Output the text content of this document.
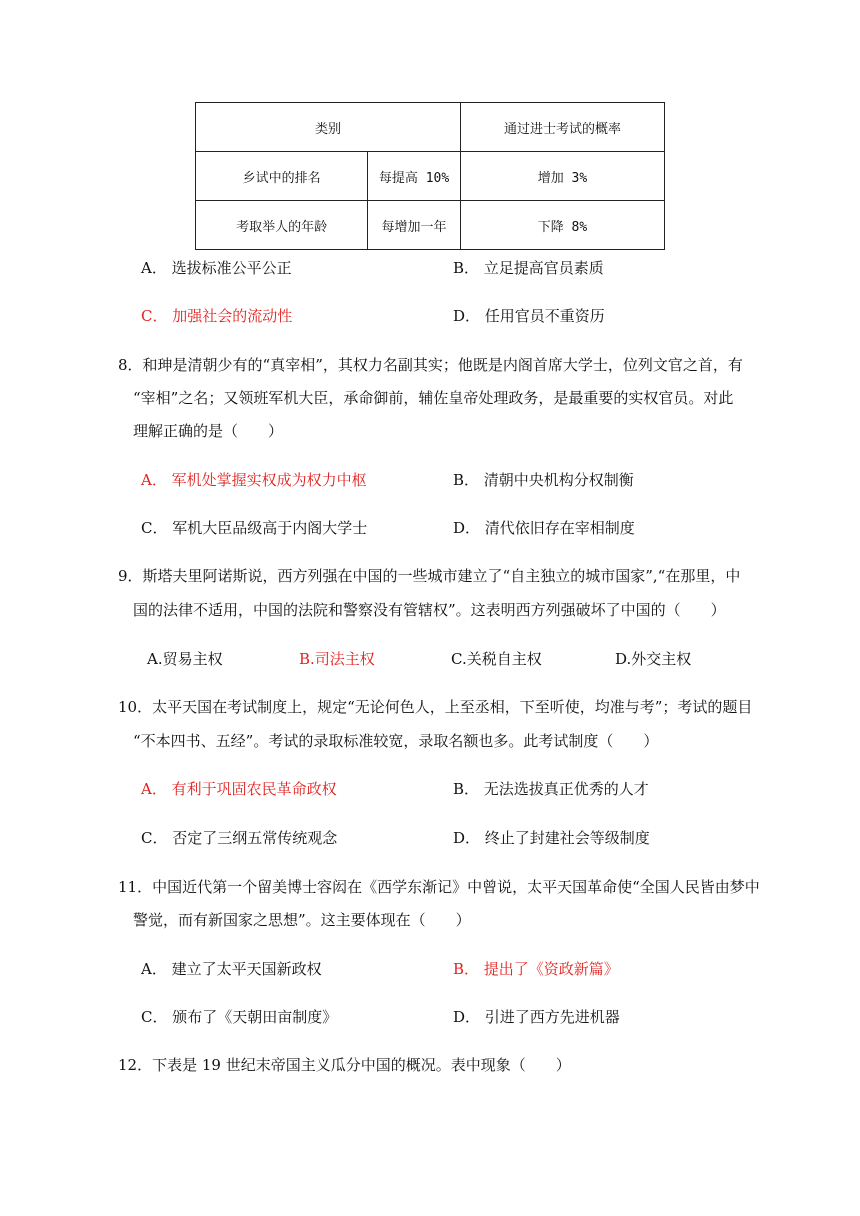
类别		通过进士考试的概率
乡试中的排名	每提高 10%	增加 3%
考取举人的年龄	每增加一年	下降 8%
A． 选拔标准公平公正	B． 立足提高官员素质
C． 加强社会的流动性	D． 任用官员不重资历
8．和珅是清朝少有的“真宰相”，其权力名副其实；他既是内阁首席大学士，位列文官之首，有
“宰相”之名；又领班军机大臣，承命御前，辅佐皇帝处理政务，是最重要的实权官员。对此
理解正确的是（　　）
A． 军机处掌握实权成为权力中枢	B． 清朝中央机构分权制衡
C． 军机大臣品级高于内阁大学士	D． 清代依旧存在宰相制度
9．斯塔夫里阿诺斯说，西方列强在中国的一些城市建立了“自主独立的城市国家”,“在那里，中
国的法律不适用，中国的法院和警察没有管辖权”。这表明西方列强破坏了中国的（　　）
A.贸易主权	B.司法主权	C.关税自主权	D.外交主权
10．太平天国在考试制度上，规定“无论何色人，上至丞相，下至听使，均准与考”；考试的题目
“不本四书、五经”。考试的录取标准较宽，录取名额也多。此考试制度（　　）
A． 有利于巩固农民革命政权	B． 无法选拔真正优秀的人才
C． 否定了三纲五常传统观念	D． 终止了封建社会等级制度
11．中国近代第一个留美博士容闳在《西学东渐记》中曾说，太平天国革命使“全国人民皆由梦中
警觉，而有新国家之思想”。这主要体现在（　　）
A． 建立了太平天国新政权	B． 提出了《资政新篇》
C． 颁布了《天朝田亩制度》	D． 引进了西方先进机器
12．下表是 19 世纪末帝国主义瓜分中国的概况。表中现象（　　）
